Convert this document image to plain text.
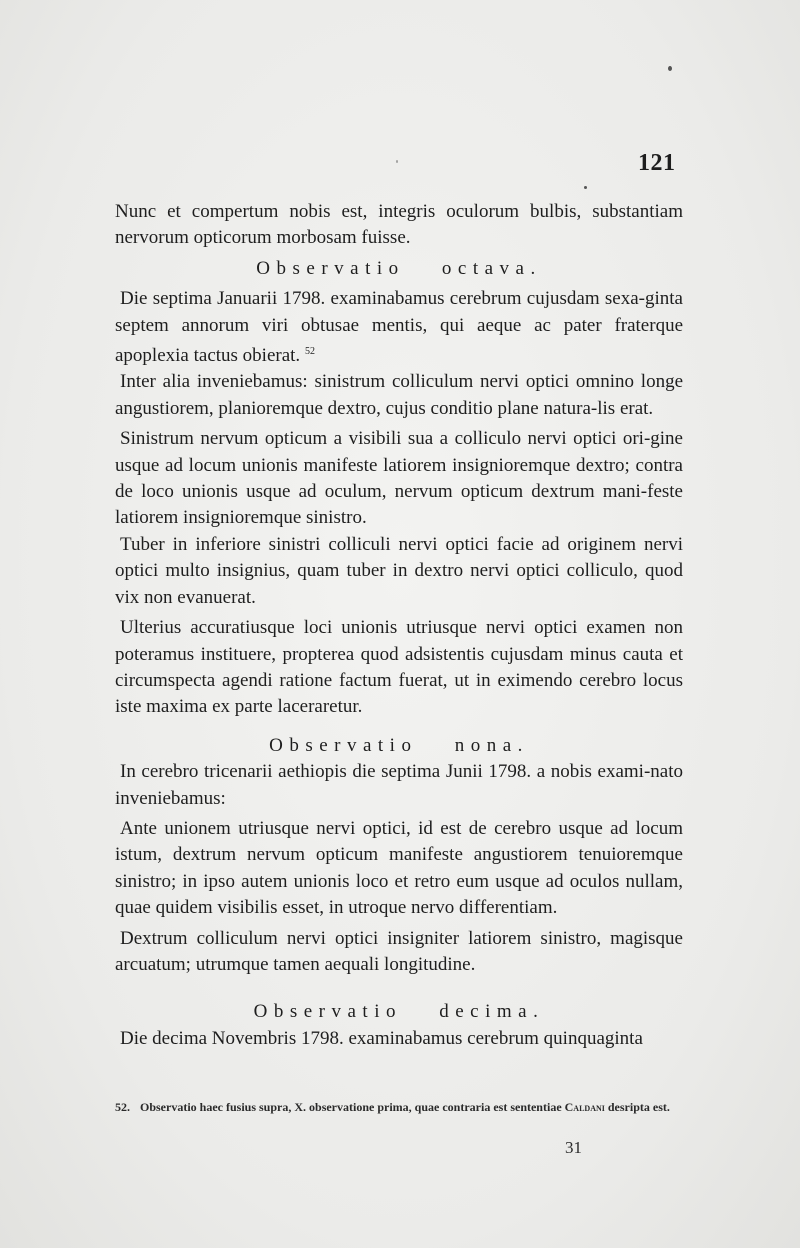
121

Nunc et compertum nobis est, integris oculorum bulbis, substantiam nervorum opticorum morbosam fuisse.

Observatio octava.

Die septima Januarii 1798. examinabamus cerebrum cujusdam sexa-ginta septem annorum viri obtusae mentis, qui aeque ac pater fraterque apoplexia tactus obierat. $^{52}$

Inter alia inveniebamus: sinistrum colliculum nervi optici omnino longe angustiorem, planioremque dextro, cujus conditio plane natura-lis erat.

Sinistrum nervum opticum a visibili sua a colliculo nervi optici ori-gine usque ad locum unionis manifeste latiorem insignioremque dextro; contra de loco unionis usque ad oculum, nervum opticum dextrum mani-feste latiorem insignioremque sinistro.

Tuber in inferiore sinistri colliculi nervi optici facie ad originem nervi optici multo insignius, quam tuber in dextro nervi optici colliculo, quod vix non evanuerat.

Ulterius accuratiusque loci unionis utriusque nervi optici examen non poteramus instituere, propterea quod adsistentis cujusdam minus cauta et circumspecta agendi ratione factum fuerat, ut in eximendo cerebro locus iste maxima ex parte laceraretur.

Observatio nona.

In cerebro tricenarii aethiopis die septima Junii 1798. a nobis exami-nato inveniebamus:

Ante unionem utriusque nervi optici, id est de cerebro usque ad locum istum, dextrum nervum opticum manifeste angustiorem tenuioremque sinistro; in ipso autem unionis loco et retro eum usque ad oculos nullam, quae quidem visibilis esset, in utroque nervo differentiam.

Dextrum colliculum nervi optici insigniter latiorem sinistro, magisque arcuatum; utrumque tamen aequali longitudine.

Observatio decima.

Die decima Novembris 1798. examinabamus cerebrum quinquaginta

52. Observatio haec fusius supra, X. observatione prima, quae contraria est sententiae Caldani desripta est.
31
